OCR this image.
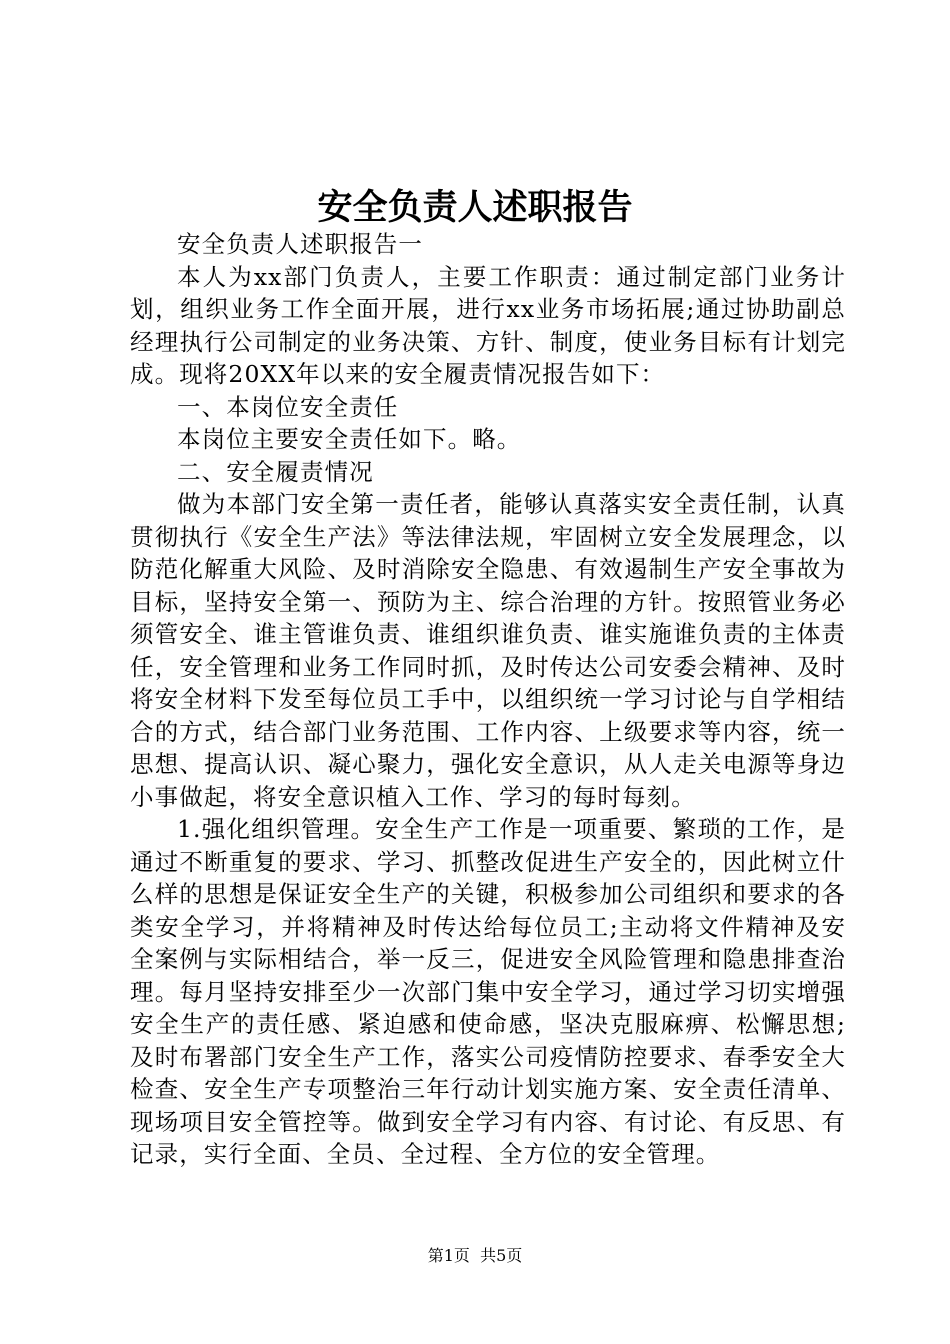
安全负责人述职报告

安全负责人述职报告一

本人为xx部门负责人，主要工作职责：通过制定部门业务计划，组织业务工作全面开展，进行xx业务市场拓展;通过协助副总经理执行公司制定的业务决策、方针、制度，使业务目标有计划完成。现将20XX年以来的安全履责情况报告如下：

一、本岗位安全责任

本岗位主要安全责任如下。略。

二、安全履责情况

做为本部门安全第一责任者，能够认真落实安全责任制，认真贯彻执行《安全生产法》等法律法规，牢固树立安全发展理念，以防范化解重大风险、及时消除安全隐患、有效遏制生产安全事故为目标，坚持安全第一、预防为主、综合治理的方针。按照管业务必须管安全、谁主管谁负责、谁组织谁负责、谁实施谁负责的主体责任，安全管理和业务工作同时抓，及时传达公司安委会精神、及时将安全材料下发至每位员工手中，以组织统一学习讨论与自学相结合的方式，结合部门业务范围、工作内容、上级要求等内容，统一思想、提高认识、凝心聚力，强化安全意识，从人走关电源等身边小事做起，将安全意识植入工作、学习的每时每刻。

1.强化组织管理。安全生产工作是一项重要、繁琐的工作，是通过不断重复的要求、学习、抓整改促进生产安全的，因此树立什么样的思想是保证安全生产的关键，积极参加公司组织和要求的各类安全学习，并将精神及时传达给每位员工;主动将文件精神及安全案例与实际相结合，举一反三，促进安全风险管理和隐患排查治理。每月坚持安排至少一次部门集中安全学习，通过学习切实增强安全生产的责任感、紧迫感和使命感，坚决克服麻痹、松懈思想;及时布署部门安全生产工作，落实公司疫情防控要求、春季安全大检查、安全生产专项整治三年行动计划实施方案、安全责任清单、现场项目安全管控等。做到安全学习有内容、有讨论、有反思、有记录，实行全面、全员、全过程、全方位的安全管理。

第1页  共5页
